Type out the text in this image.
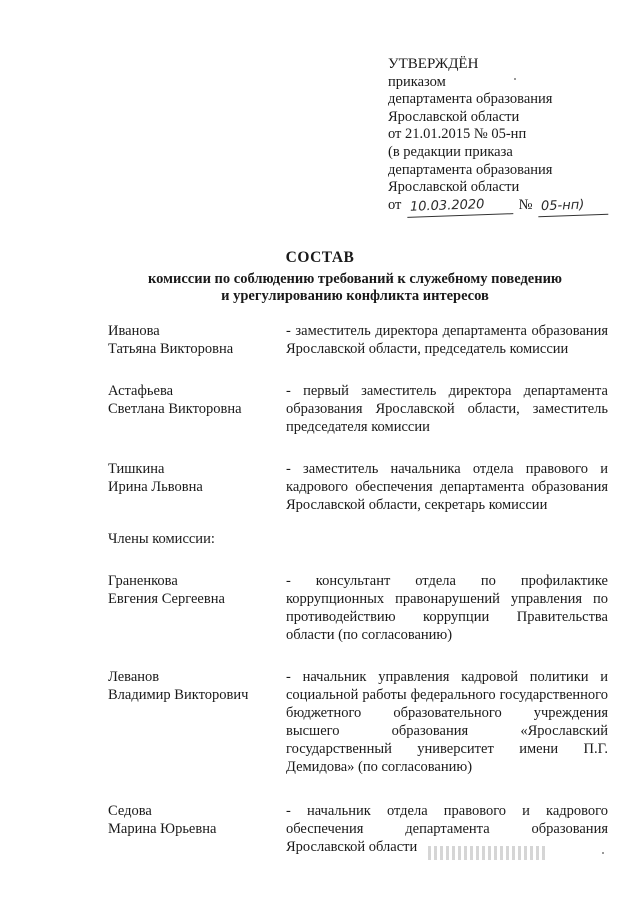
УТВЕРЖДЁН
приказом
департамента образования
Ярославской области
от 21.01.2015 № 05-нп
(в редакции приказа
департамента образования
Ярославской области
от 10.03.2020 № 05-нп)
СОСТАВ
комиссии по соблюдению требований к служебному поведению
и урегулированию конфликта интересов
Иванова
Татьяна Викторовна
- заместитель директора департамента образования Ярославской области, председатель комиссии
Астафьева
Светлана Викторовна
- первый заместитель директора департамента образования Ярославской области, заместитель председателя комиссии
Тишкина
Ирина Львовна
- заместитель начальника отдела правового и кадрового обеспечения департамента образования Ярославской области, секретарь комиссии
Члены комиссии:
Граненкова
Евгения Сергеевна
- консультант отдела по профилактике коррупционных правонарушений управления по противодействию коррупции Правительства области (по согласованию)
Леванов
Владимир Викторович
- начальник управления кадровой политики и социальной работы федерального государственного бюджетного образовательного учреждения высшего образования «Ярославский государственный университет имени П.Г. Демидова» (по согласованию)
Седова
Марина Юрьевна
- начальник отдела правового и кадрового обеспечения департамента образования Ярославской области
